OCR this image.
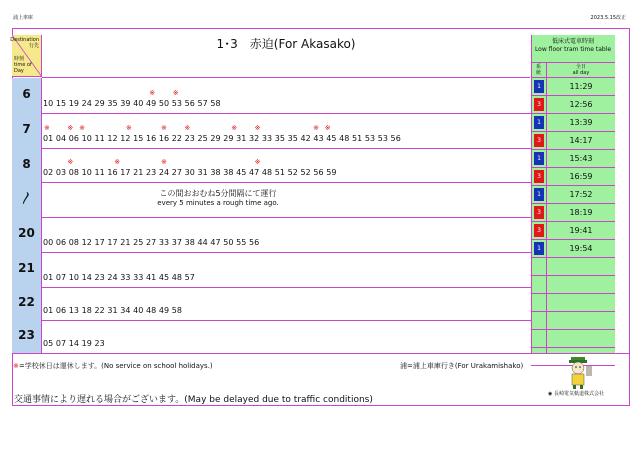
浦上車庫	2023.5.15改正
Destination
行先
時刻
time of Day
1･3　赤迫(For Akasako)	低床式電車時刻
Low floor tram time table
系
統
全日
all day
1	11:29
3	12:56
1	13:39
3	14:17
1	15:43
3	16:59
1	17:52
3	18:19
3	19:41
1	19:54
6
10 15 19 24 29 35 39 40 49 50 53 56 57 58
※	※
7
01 04 06 10 11 12 12 15 16 16 22 23 25 29 29 31 32 33 35 35 42 43 45 48 51 53 53 56
※	※ ※	※	※	※	※	※	※ ※
8
02 03 08 10 11 16 17 21 23 24 27 30 31 38 38 45 47 48 51 52 52 56 59
※	※	※	※
〳	この間おおむね5分間隔にて運行
every 5 minutes a rough time ago.
20
00 06 08 12 17 17 21 25 27 33 37 38 44 47 50 55 56
21
01 07 10 14 23 24 33 33 41 45 48 57
22
01 06 13 18 22 31 34 40 48 49 58
23
05 07 14 19 23
※=学校休日は運休します。(No service on school holidays.)	浦=浦上車庫行き(For Urakamishako)
交通事情により遅れる場合がございます。(May be delayed due to traffic conditions)
◉ 長崎電気軌道株式会社
